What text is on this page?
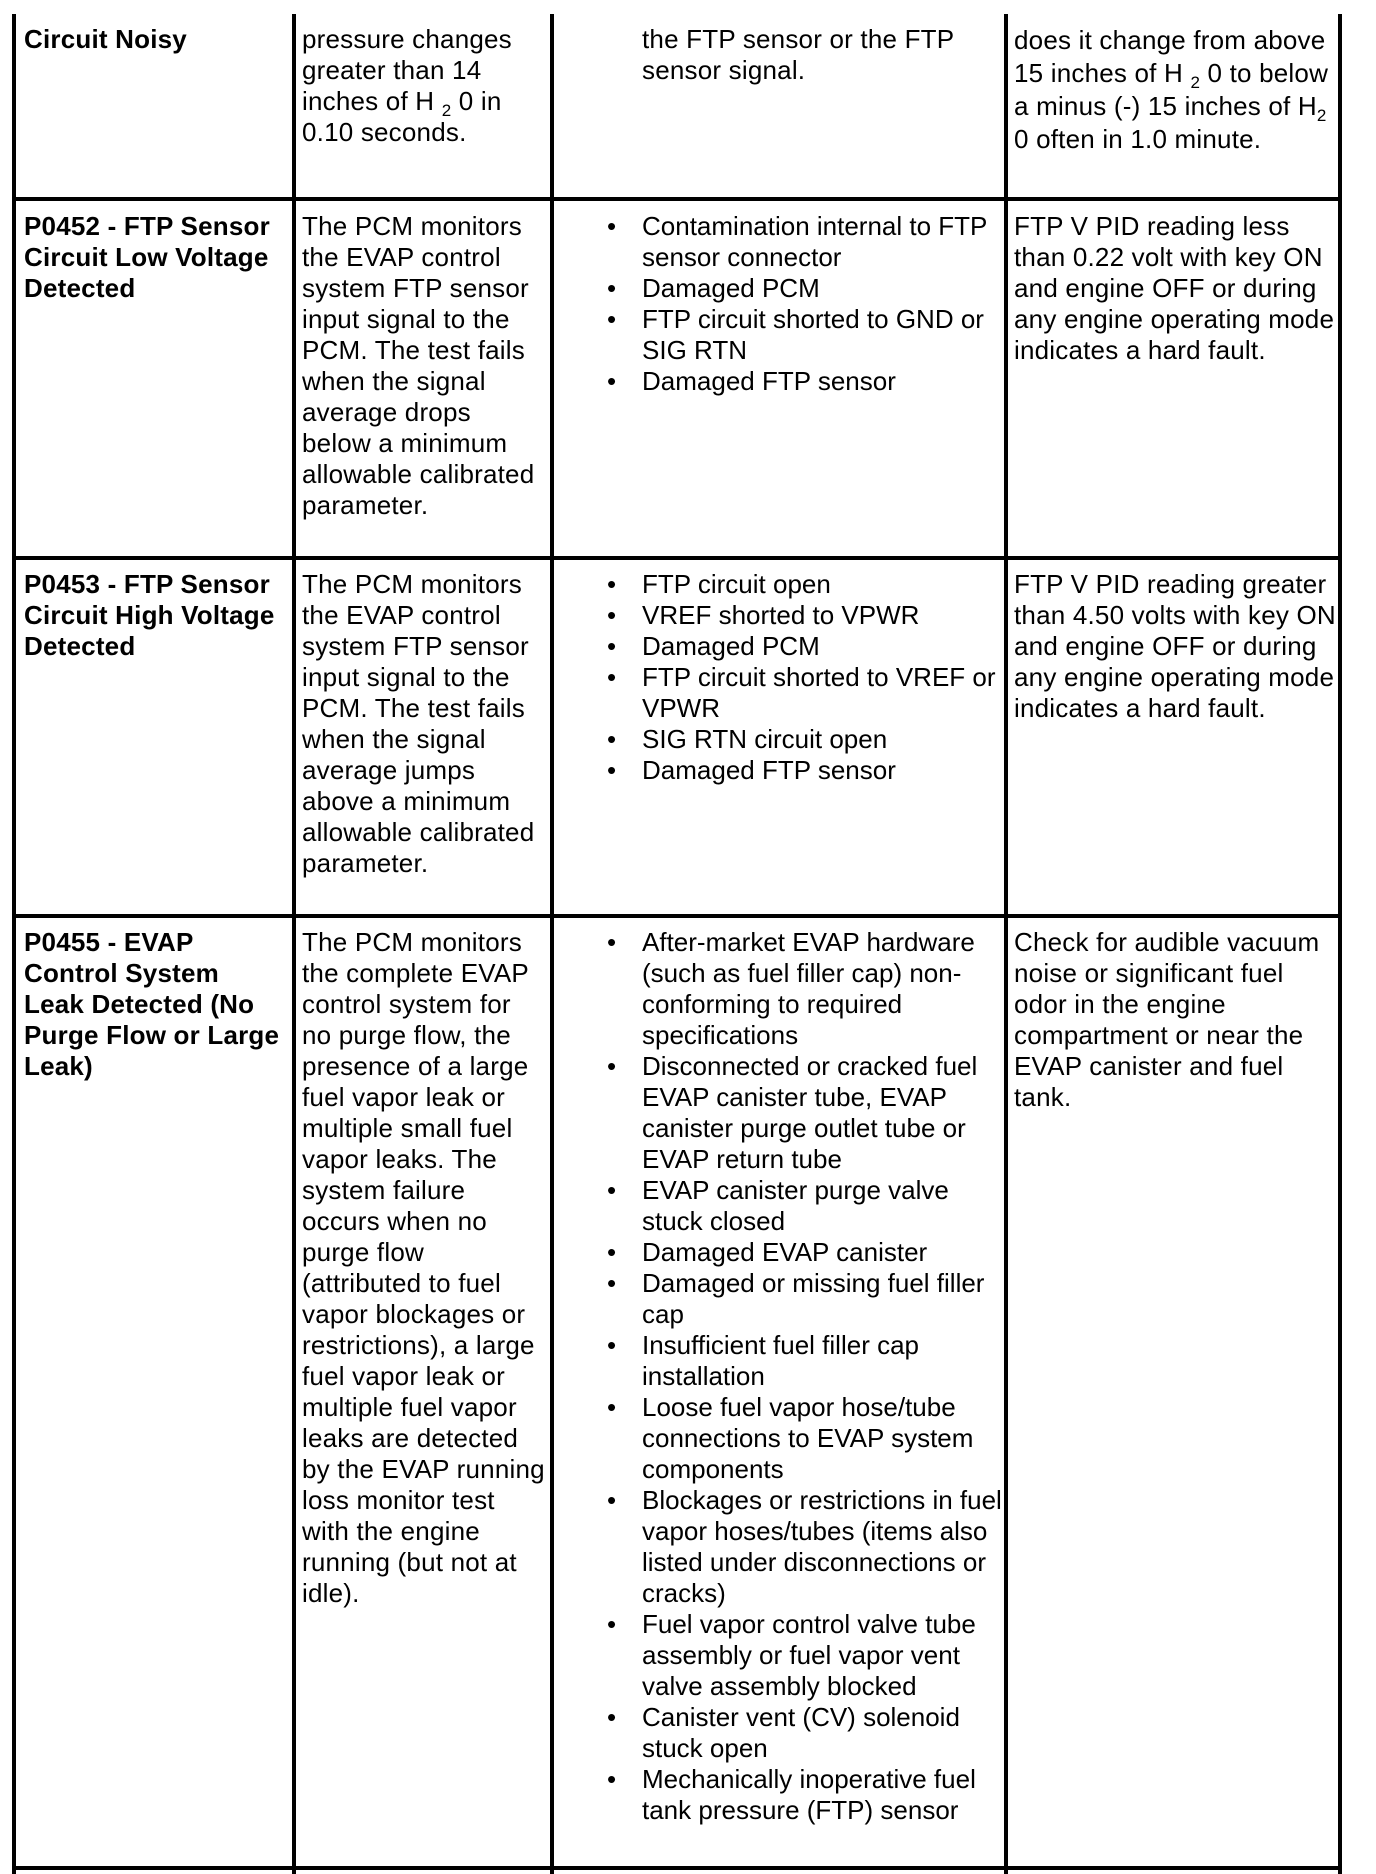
Circuit Noisy	pressure changes greater than 14 inches of H $_2$ 0 in 0.10 seconds.
the FTP sensor or the FTP sensor signal.
does it change from above 15 inches of H $_2$ 0 to below a minus (-) 15 inches of $H_2$ 0 often in 1.0 minute.
P0452 - FTP Sensor Circuit Low Voltage Detected
The PCM monitors the EVAP control system FTP sensor input signal to the PCM. The test fails when the signal average drops below a minimum allowable calibrated parameter.
• Contamination internal to FTP sensor connector
• Damaged PCM
• FTP circuit shorted to GND or SIG RTN
• Damaged FTP sensor
FTP V PID reading less than 0.22 volt with key ON and engine OFF or during any engine operating mode indicates a hard fault.
P0453 - FTP Sensor Circuit High Voltage Detected
The PCM monitors the EVAP control system FTP sensor input signal to the PCM. The test fails when the signal average jumps above a minimum allowable calibrated parameter.
• FTP circuit open
• VREF shorted to VPWR
• Damaged PCM
• FTP circuit shorted to VREF or VPWR
• SIG RTN circuit open
• Damaged FTP sensor
FTP V PID reading greater than 4.50 volts with key ON and engine OFF or during any engine operating mode indicates a hard fault.
P0455 - EVAP Control System Leak Detected (No Purge Flow or Large Leak)
The PCM monitors the complete EVAP control system for no purge flow, the presence of a large fuel vapor leak or multiple small fuel vapor leaks. The system failure occurs when no purge flow (attributed to fuel vapor blockages or restrictions), a large fuel vapor leak or multiple fuel vapor leaks are detected by the EVAP running loss monitor test with the engine running (but not at idle).
• After-market EVAP hardware (such as fuel filler cap) non-conforming to required specifications
• Disconnected or cracked fuel EVAP canister tube, EVAP canister purge outlet tube or EVAP return tube
• EVAP canister purge valve stuck closed
• Damaged EVAP canister
• Damaged or missing fuel filler cap
• Insufficient fuel filler cap installation
• Loose fuel vapor hose/tube connections to EVAP system components
• Blockages or restrictions in fuel vapor hoses/tubes (items also listed under disconnections or cracks)
• Fuel vapor control valve tube assembly or fuel vapor vent valve assembly blocked
• Canister vent (CV) solenoid stuck open
• Mechanically inoperative fuel tank pressure (FTP) sensor
Check for audible vacuum noise or significant fuel odor in the engine compartment or near the EVAP canister and fuel tank.
